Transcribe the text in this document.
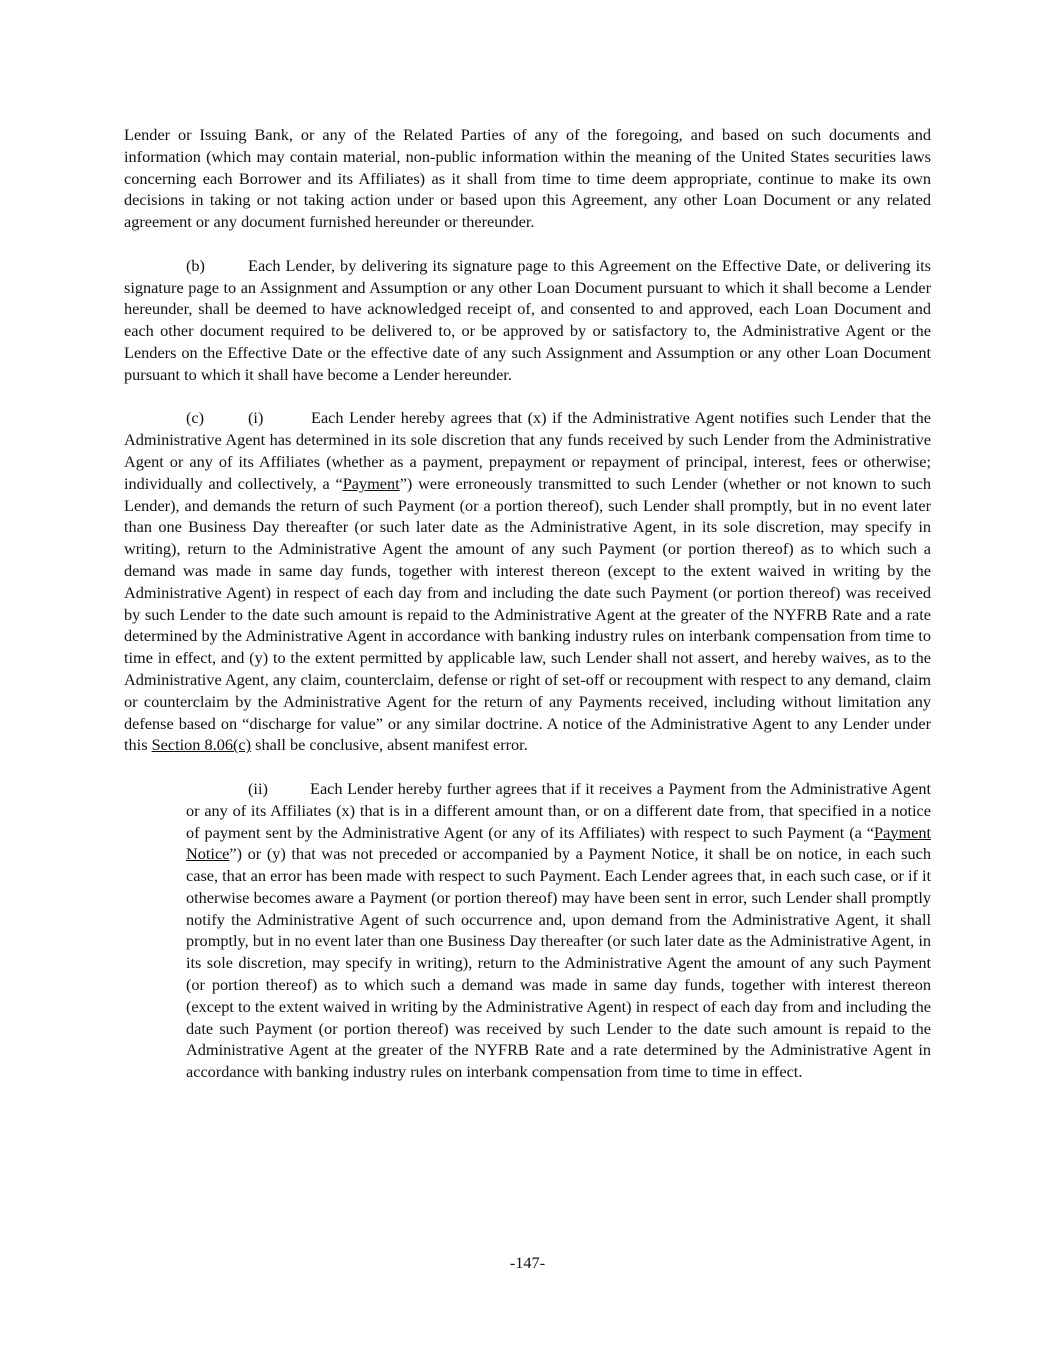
Lender or Issuing Bank, or any of the Related Parties of any of the foregoing, and based on such documents and information (which may contain material, non-public information within the meaning of the United States securities laws concerning each Borrower and its Affiliates) as it shall from time to time deem appropriate, continue to make its own decisions in taking or not taking action under or based upon this Agreement, any other Loan Document or any related agreement or any document furnished hereunder or thereunder.

(b)	Each Lender, by delivering its signature page to this Agreement on the Effective Date, or delivering its signature page to an Assignment and Assumption or any other Loan Document pursuant to which it shall become a Lender hereunder, shall be deemed to have acknowledged receipt of, and consented to and approved, each Loan Document and each other document required to be delivered to, or be approved by or satisfactory to, the Administrative Agent or the Lenders on the Effective Date or the effective date of any such Assignment and Assumption or any other Loan Document pursuant to which it shall have become a Lender hereunder.

(c)	(i)	Each Lender hereby agrees that (x) if the Administrative Agent notifies such Lender that the Administrative Agent has determined in its sole discretion that any funds received by such Lender from the Administrative Agent or any of its Affiliates (whether as a payment, prepayment or repayment of principal, interest, fees or otherwise; individually and collectively, a “Payment”) were erroneously transmitted to such Lender (whether or not known to such Lender), and demands the return of such Payment (or a portion thereof), such Lender shall promptly, but in no event later than one Business Day thereafter (or such later date as the Administrative Agent, in its sole discretion, may specify in writing), return to the Administrative Agent the amount of any such Payment (or portion thereof) as to which such a demand was made in same day funds, together with interest thereon (except to the extent waived in writing by the Administrative Agent) in respect of each day from and including the date such Payment (or portion thereof) was received by such Lender to the date such amount is repaid to the Administrative Agent at the greater of the NYFRB Rate and a rate determined by the Administrative Agent in accordance with banking industry rules on interbank compensation from time to time in effect, and (y) to the extent permitted by applicable law, such Lender shall not assert, and hereby waives, as to the Administrative Agent, any claim, counterclaim, defense or right of set-off or recoupment with respect to any demand, claim or counterclaim by the Administrative Agent for the return of any Payments received, including without limitation any defense based on “discharge for value” or any similar doctrine. A notice of the Administrative Agent to any Lender under this Section 8.06(c) shall be conclusive, absent manifest error.

(ii)	Each Lender hereby further agrees that if it receives a Payment from the Administrative Agent or any of its Affiliates (x) that is in a different amount than, or on a different date from, that specified in a notice of payment sent by the Administrative Agent (or any of its Affiliates) with respect to such Payment (a “Payment Notice”) or (y) that was not preceded or accompanied by a Payment Notice, it shall be on notice, in each such case, that an error has been made with respect to such Payment. Each Lender agrees that, in each such case, or if it otherwise becomes aware a Payment (or portion thereof) may have been sent in error, such Lender shall promptly notify the Administrative Agent of such occurrence and, upon demand from the Administrative Agent, it shall promptly, but in no event later than one Business Day thereafter (or such later date as the Administrative Agent, in its sole discretion, may specify in writing), return to the Administrative Agent the amount of any such Payment (or portion thereof) as to which such a demand was made in same day funds, together with interest thereon (except to the extent waived in writing by the Administrative Agent) in respect of each day from and including the date such Payment (or portion thereof) was received by such Lender to the date such amount is repaid to the Administrative Agent at the greater of the NYFRB Rate and a rate determined by the Administrative Agent in accordance with banking industry rules on interbank compensation from time to time in effect.

-147-
